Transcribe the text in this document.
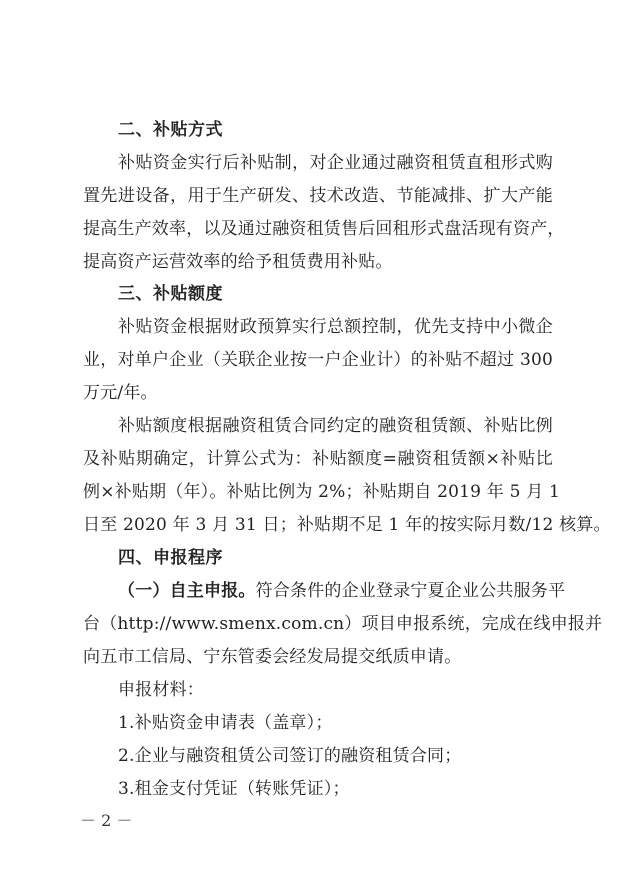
二、补贴方式
补贴资金实行后补贴制，对企业通过融资租赁直租形式购
置先进设备，用于生产研发、技术改造、节能减排、扩大产能
提高生产效率，以及通过融资租赁售后回租形式盘活现有资产，
提高资产运营效率的给予租赁费用补贴。
三、补贴额度
补贴资金根据财政预算实行总额控制，优先支持中小微企
业，对单户企业（关联企业按一户企业计）的补贴不超过 300
万元/年。
补贴额度根据融资租赁合同约定的融资租赁额、补贴比例
及补贴期确定，计算公式为：补贴额度=融资租赁额×补贴比
例×补贴期（年）。补贴比例为 2%；补贴期自 2019 年 5 月 1
日至 2020 年 3 月 31 日；补贴期不足 1 年的按实际月数/12 核算。
四、申报程序
（一）自主申报。符合条件的企业登录宁夏企业公共服务平
台（http://www.smenx.com.cn）项目申报系统，完成在线申报并
向五市工信局、宁东管委会经发局提交纸质申请。
申报材料：
1.补贴资金申请表（盖章）；
2.企业与融资租赁公司签订的融资租赁合同；
3.租金支付凭证（转账凭证）；
－ 2 －
